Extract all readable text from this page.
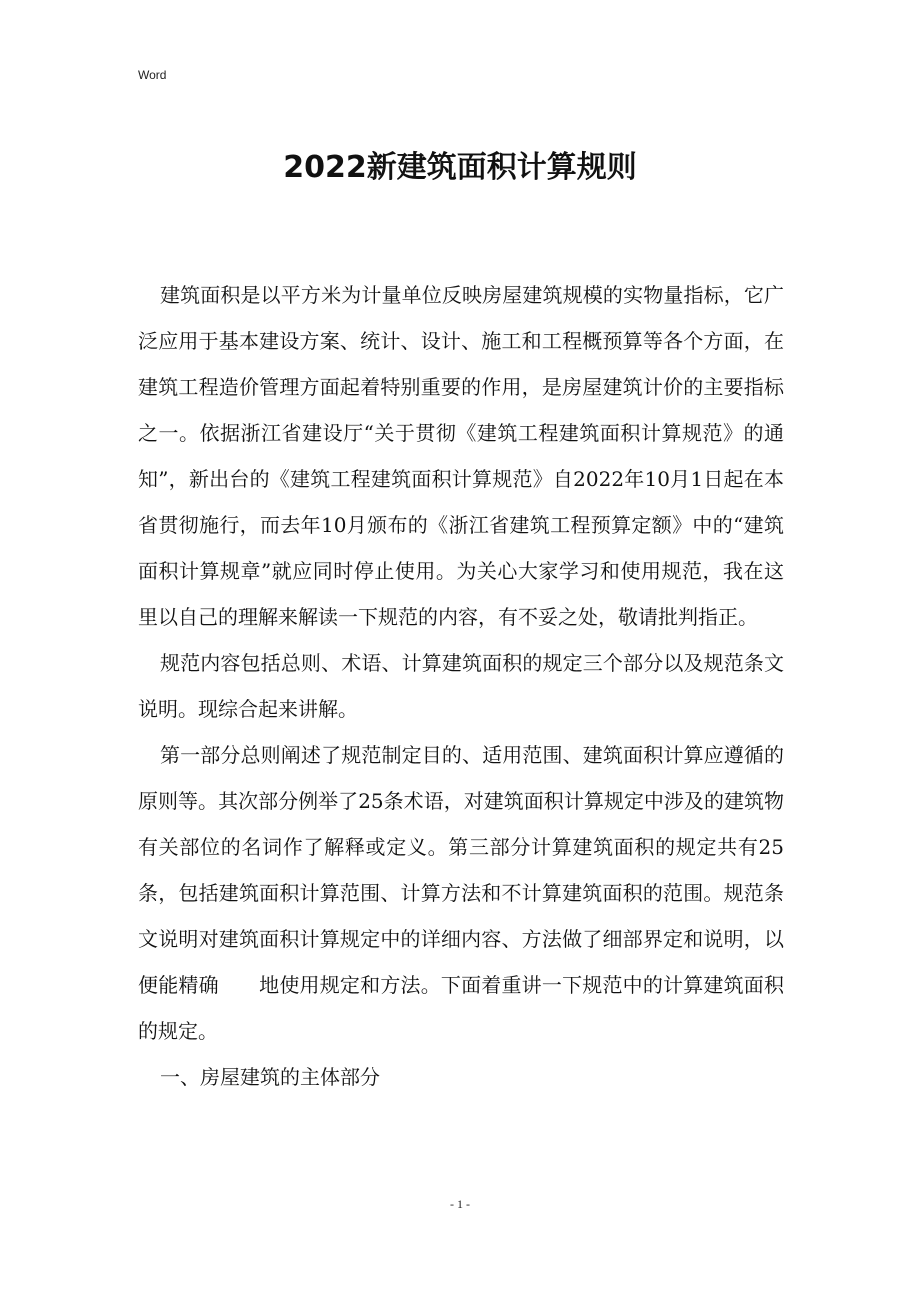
Word
2022新建筑面积计算规则

建筑面积是以平方米为计量单位反映房屋建筑规模的实物量指标，它广泛应用于基本建设方案、统计、设计、施工和工程概预算等各个方面，在建筑工程造价管理方面起着特别重要的作用，是房屋建筑计价的主要指标之一。依据浙江省建设厅“关于贯彻《建筑工程建筑面积计算规范》的通知”，新出台的《建筑工程建筑面积计算规范》自2022年10月1日起在本省贯彻施行，而去年10月颁布的《浙江省建筑工程预算定额》中的“建筑面积计算规章”就应同时停止使用。为关心大家学习和使用规范，我在这里以自己的理解来解读一下规范的内容，有不妥之处，敬请批判指正。

规范内容包括总则、术语、计算建筑面积的规定三个部分以及规范条文说明。现综合起来讲解。

第一部分总则阐述了规范制定目的、适用范围、建筑面积计算应遵循的原则等。其次部分例举了25条术语，对建筑面积计算规定中涉及的建筑物有关部位的名词作了解释或定义。第三部分计算建筑面积的规定共有25条，包括建筑面积计算范围、计算方法和不计算建筑面积的范围。规范条文说明对建筑面积计算规定中的详细内容、方法做了细部界定和说明，以便能精确　　地使用规定和方法。下面着重讲一下规范中的计算建筑面积的规定。

一、房屋建筑的主体部分

- 1 -
